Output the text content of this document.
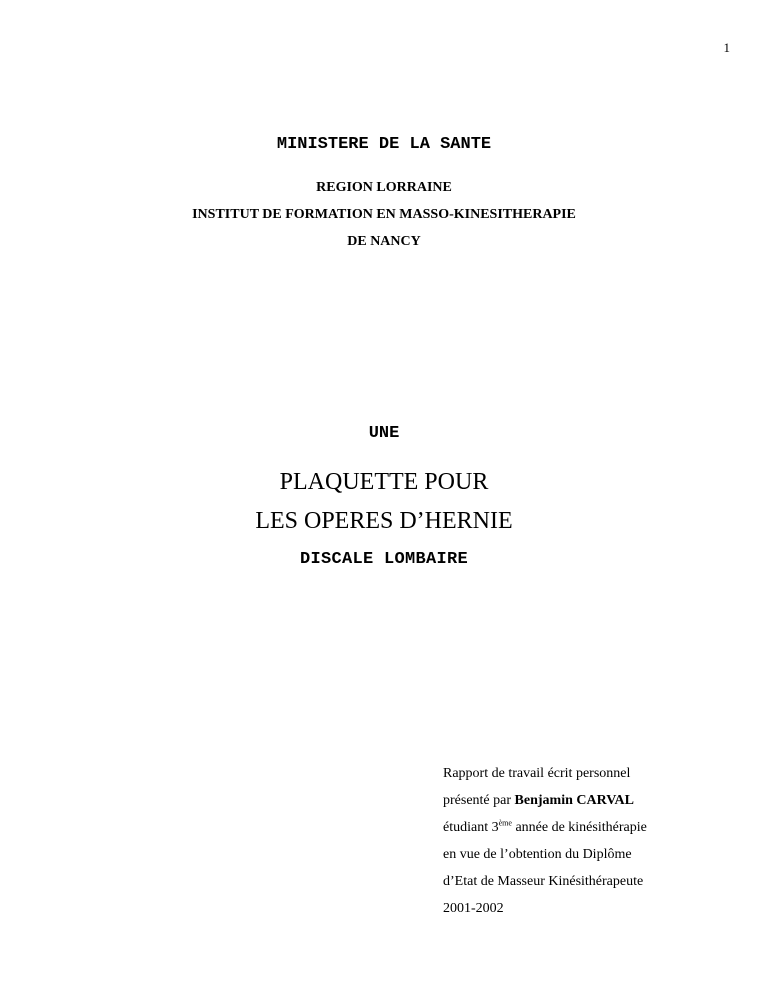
1
MINISTERE DE LA SANTE
REGION LORRAINE
INSTITUT DE FORMATION EN MASSO-KINESITHERAPIE
DE NANCY
UNE
PLAQUETTE POUR
LES OPERES D’HERNIE
DISCALE LOMBAIRE
Rapport de travail écrit personnel
présenté par Benjamin CARVAL
étudiant 3ème année de kinésithérapie
en vue de l’obtention du Diplôme
d’Etat de Masseur Kinésithérapeute
2001-2002
